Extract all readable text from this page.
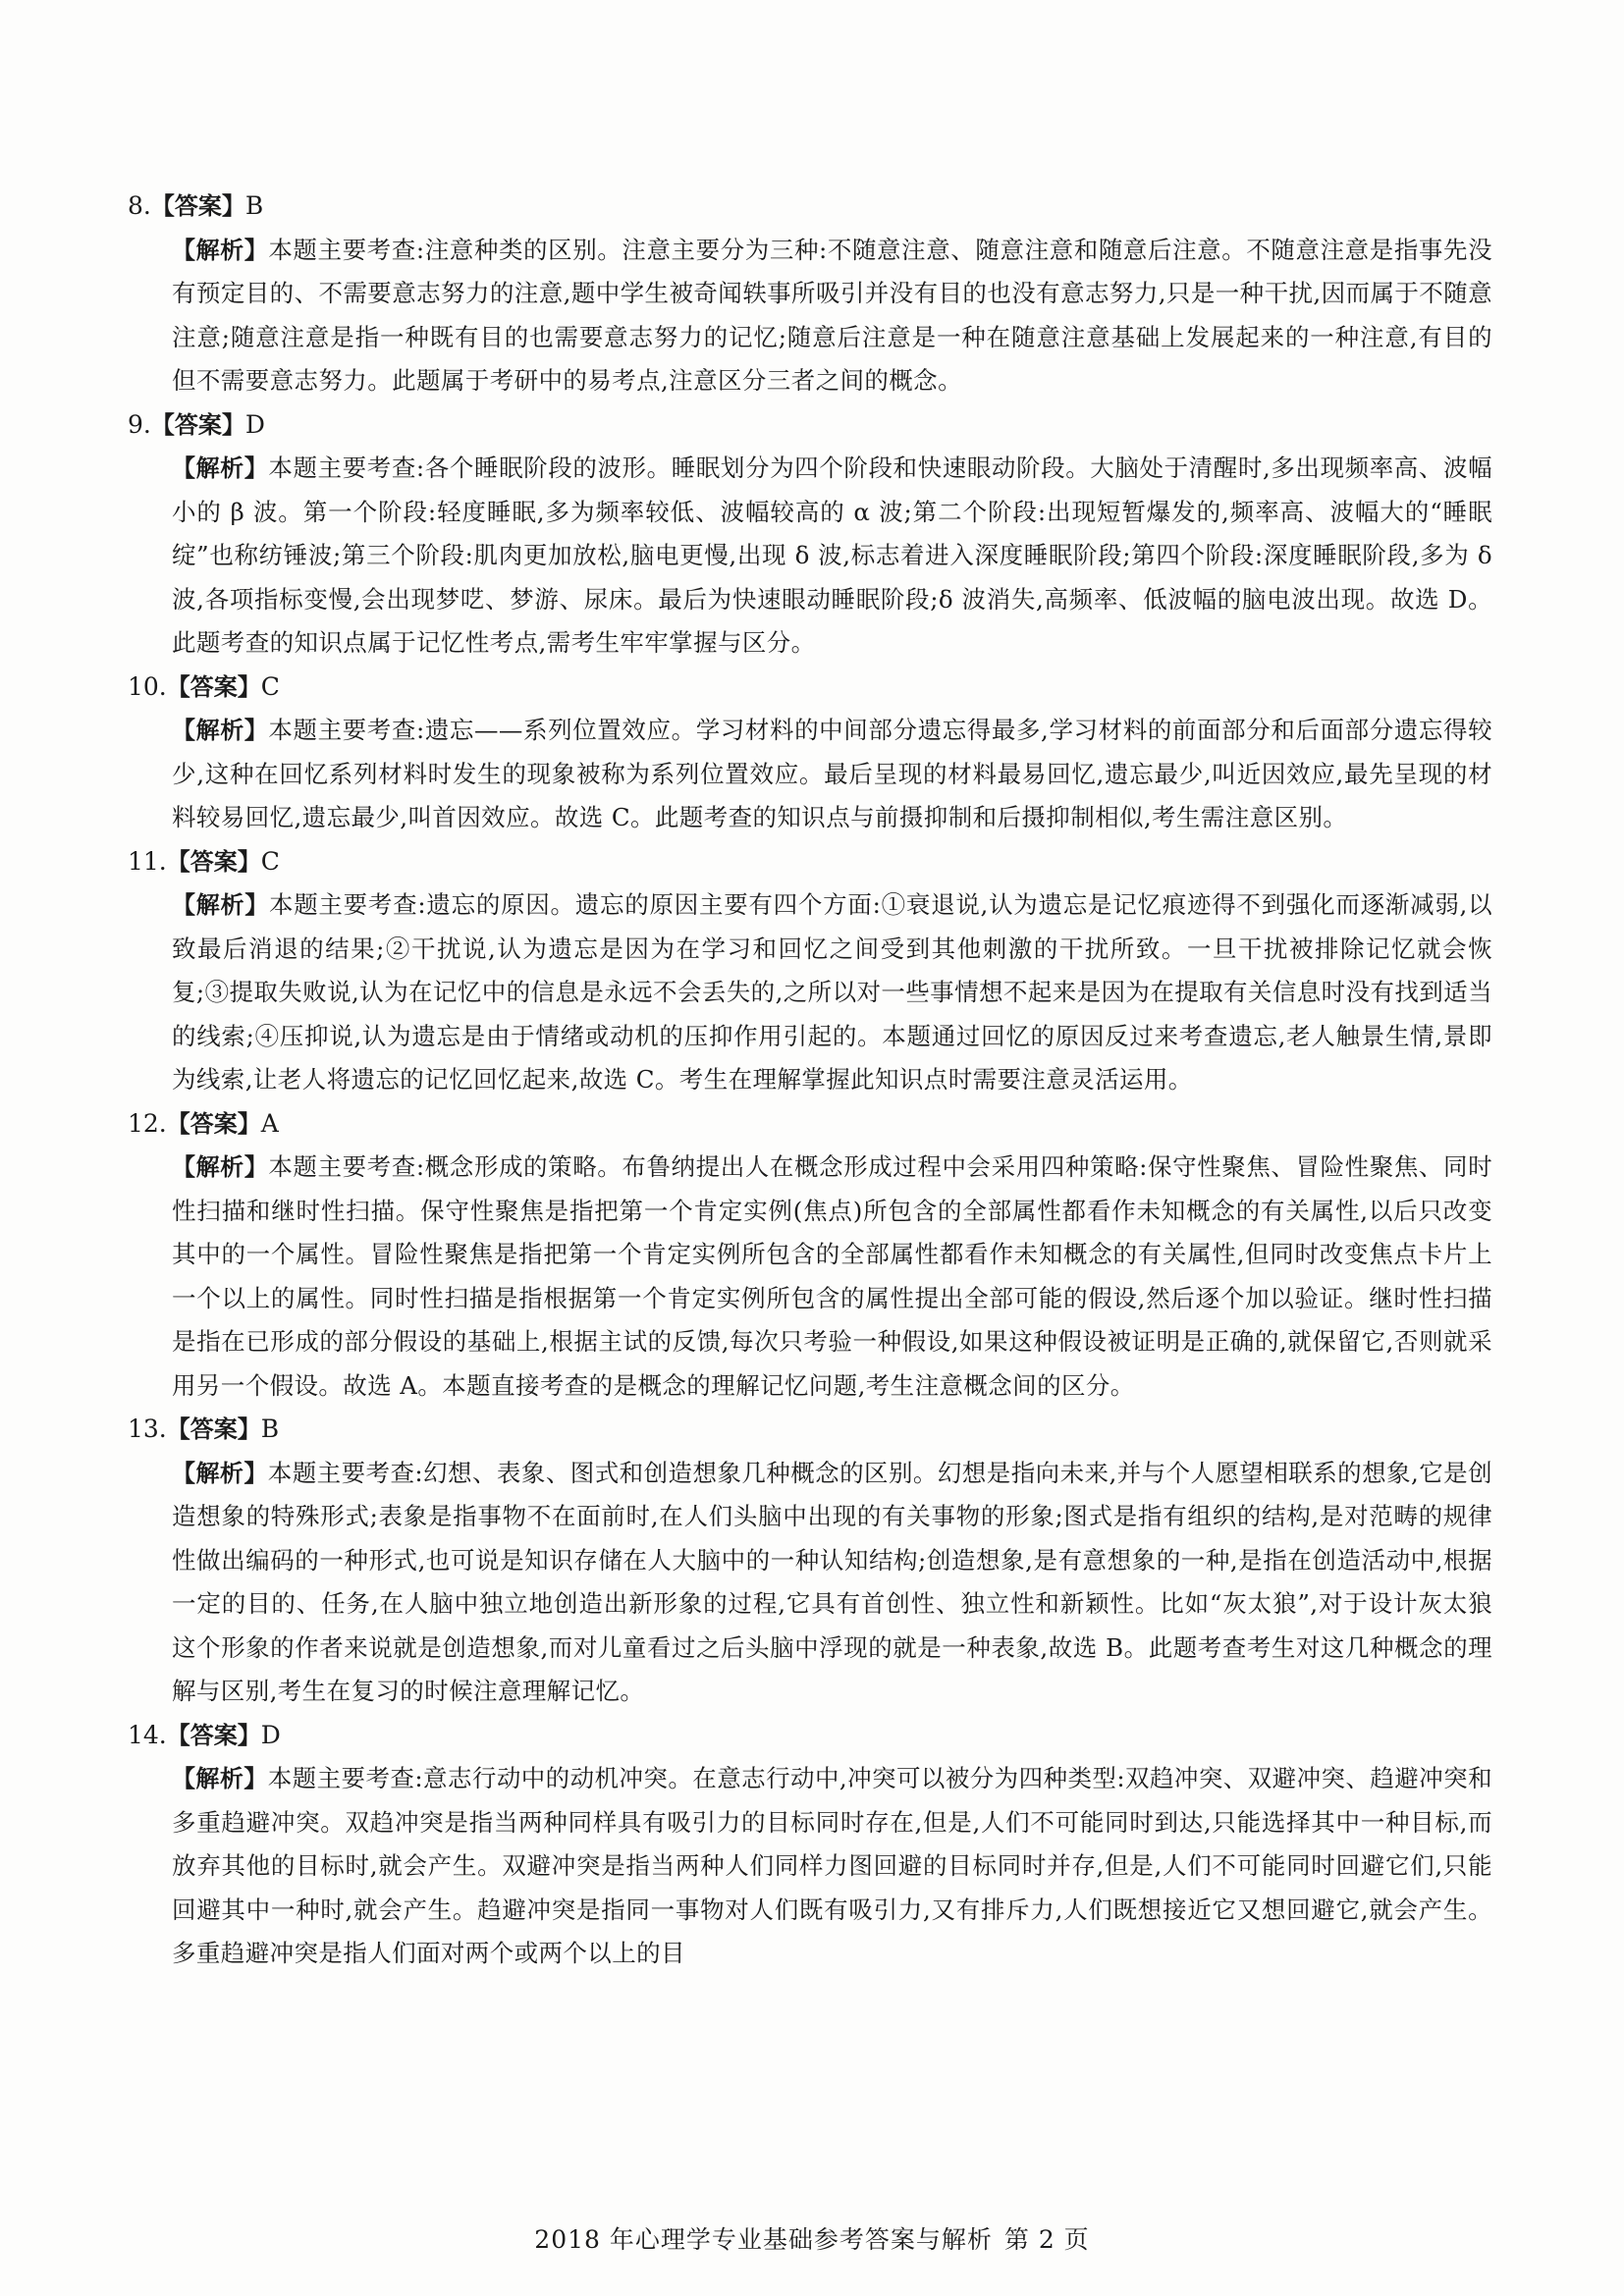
8.【答案】B
【解析】本题主要考查:注意种类的区别。注意主要分为三种:不随意注意、随意注意和随意后注意。不随意注意是指事先没有预定目的、不需要意志努力的注意,题中学生被奇闻轶事所吸引并没有目的也没有意志努力,只是一种干扰,因而属于不随意注意;随意注意是指一种既有目的也需要意志努力的记忆;随意后注意是一种在随意注意基础上发展起来的一种注意,有目的但不需要意志努力。此题属于考研中的易考点,注意区分三者之间的概念。
9.【答案】D
【解析】本题主要考查:各个睡眠阶段的波形。睡眠划分为四个阶段和快速眼动阶段。大脑处于清醒时,多出现频率高、波幅小的 β 波。第一个阶段:轻度睡眠,多为频率较低、波幅较高的 α 波;第二个阶段:出现短暂爆发的,频率高、波幅大的“睡眠绽”也称纺锤波;第三个阶段:肌肉更加放松,脑电更慢,出现 δ 波,标志着进入深度睡眠阶段;第四个阶段:深度睡眠阶段,多为 δ 波,各项指标变慢,会出现梦呓、梦游、尿床。最后为快速眼动睡眠阶段;δ 波消失,高频率、低波幅的脑电波出现。故选 D。此题考查的知识点属于记忆性考点,需考生牢牢掌握与区分。
10.【答案】C
【解析】本题主要考查:遗忘——系列位置效应。学习材料的中间部分遗忘得最多,学习材料的前面部分和后面部分遗忘得较少,这种在回忆系列材料时发生的现象被称为系列位置效应。最后呈现的材料最易回忆,遗忘最少,叫近因效应,最先呈现的材料较易回忆,遗忘最少,叫首因效应。故选 C。此题考查的知识点与前摄抑制和后摄抑制相似,考生需注意区别。
11.【答案】C
【解析】本题主要考查:遗忘的原因。遗忘的原因主要有四个方面:①衰退说,认为遗忘是记忆痕迹得不到强化而逐渐减弱,以致最后消退的结果;②干扰说,认为遗忘是因为在学习和回忆之间受到其他刺激的干扰所致。一旦干扰被排除记忆就会恢复;③提取失败说,认为在记忆中的信息是永远不会丢失的,之所以对一些事情想不起来是因为在提取有关信息时没有找到适当的线索;④压抑说,认为遗忘是由于情绪或动机的压抑作用引起的。本题通过回忆的原因反过来考查遗忘,老人触景生情,景即为线索,让老人将遗忘的记忆回忆起来,故选 C。考生在理解掌握此知识点时需要注意灵活运用。
12.【答案】A
【解析】本题主要考查:概念形成的策略。布鲁纳提出人在概念形成过程中会采用四种策略:保守性聚焦、冒险性聚焦、同时性扫描和继时性扫描。保守性聚焦是指把第一个肯定实例(焦点)所包含的全部属性都看作未知概念的有关属性,以后只改变其中的一个属性。冒险性聚焦是指把第一个肯定实例所包含的全部属性都看作未知概念的有关属性,但同时改变焦点卡片上一个以上的属性。同时性扫描是指根据第一个肯定实例所包含的属性提出全部可能的假设,然后逐个加以验证。继时性扫描是指在已形成的部分假设的基础上,根据主试的反馈,每次只考验一种假设,如果这种假设被证明是正确的,就保留它,否则就采用另一个假设。故选 A。本题直接考查的是概念的理解记忆问题,考生注意概念间的区分。
13.【答案】B
【解析】本题主要考查:幻想、表象、图式和创造想象几种概念的区别。幻想是指向未来,并与个人愿望相联系的想象,它是创造想象的特殊形式;表象是指事物不在面前时,在人们头脑中出现的有关事物的形象;图式是指有组织的结构,是对范畴的规律性做出编码的一种形式,也可说是知识存储在人大脑中的一种认知结构;创造想象,是有意想象的一种,是指在创造活动中,根据一定的目的、任务,在人脑中独立地创造出新形象的过程,它具有首创性、独立性和新颖性。比如“灰太狼”,对于设计灰太狼这个形象的作者来说就是创造想象,而对儿童看过之后头脑中浮现的就是一种表象,故选 B。此题考查考生对这几种概念的理解与区别,考生在复习的时候注意理解记忆。
14.【答案】D
【解析】本题主要考查:意志行动中的动机冲突。在意志行动中,冲突可以被分为四种类型:双趋冲突、双避冲突、趋避冲突和多重趋避冲突。双趋冲突是指当两种同样具有吸引力的目标同时存在,但是,人们不可能同时到达,只能选择其中一种目标,而放弃其他的目标时,就会产生。双避冲突是指当两种人们同样力图回避的目标同时并存,但是,人们不可能同时回避它们,只能回避其中一种时,就会产生。趋避冲突是指同一事物对人们既有吸引力,又有排斥力,人们既想接近它又想回避它,就会产生。多重趋避冲突是指人们面对两个或两个以上的目
2018 年心理学专业基础参考答案与解析 第 2 页
